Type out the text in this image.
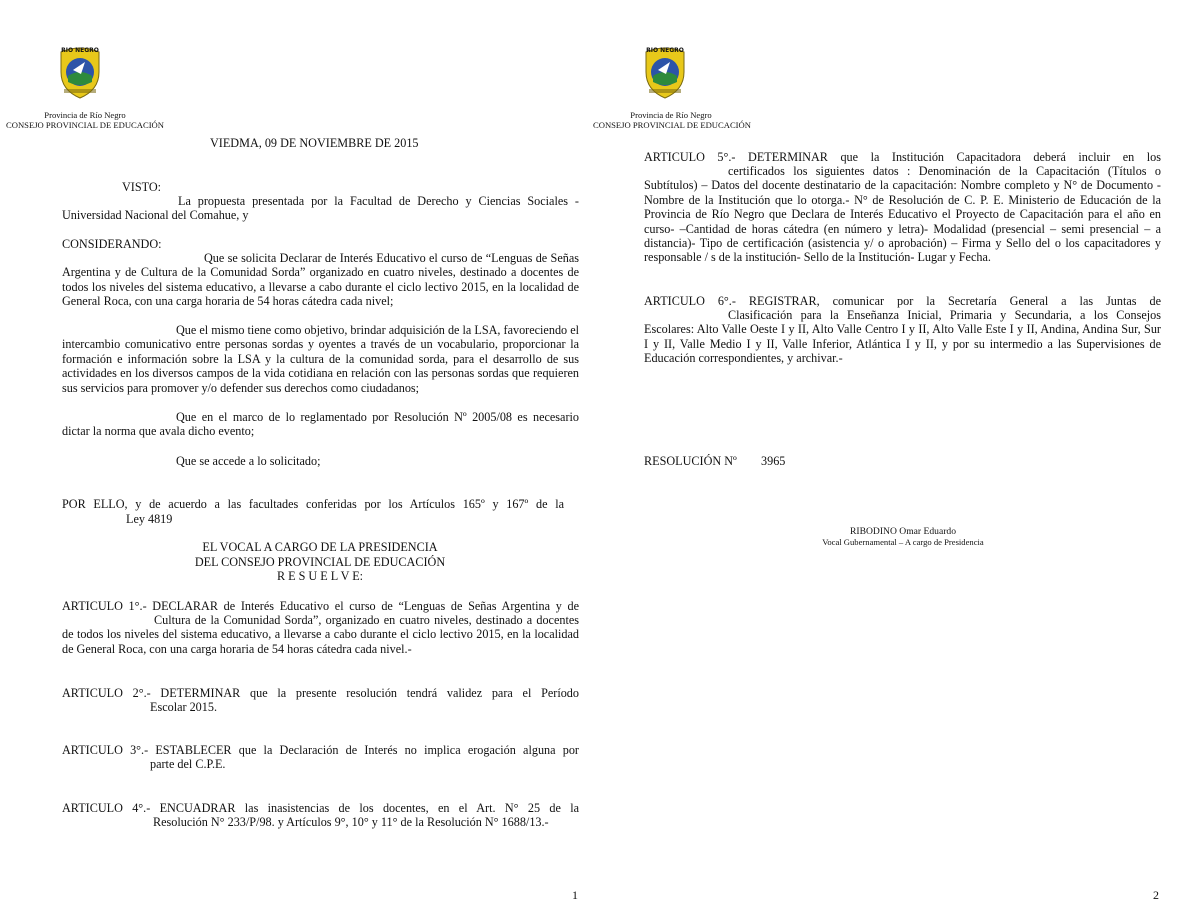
RIO NEGRO
Provincia de Río Negro
CONSEJO PROVINCIAL DE EDUCACIÓN
VIEDMA, 09 DE NOVIEMBRE DE 2015
VISTO:
La propuesta presentada por la Facultad de Derecho y Ciencias Sociales - Universidad Nacional del Comahue, y
CONSIDERANDO:
Que se solicita Declarar de Interés Educativo el curso de “Lenguas de Señas Argentina y de Cultura de la Comunidad Sorda” organizado en cuatro niveles, destinado a docentes de todos los niveles del sistema educativo, a llevarse a cabo durante el ciclo lectivo 2015, en la localidad de General Roca, con una carga horaria de 54 horas cátedra cada nivel;
Que el mismo tiene como objetivo, brindar adquisición de la LSA, favoreciendo el intercambio comunicativo entre personas sordas y oyentes a través de un vocabulario, proporcionar la formación e información sobre la LSA y la cultura de la comunidad sorda, para el desarrollo de sus actividades en los diversos campos de la vida cotidiana en relación con las personas sordas que requieren sus servicios para promover y/o defender sus derechos como ciudadanos;
Que en el marco de lo reglamentado por Resolución Nº 2005/08 es necesario dictar la norma que avala dicho evento;
Que se accede a lo solicitado;
POR ELLO, y de acuerdo a las facultades conferidas por los Artículos 165º y 167º de la
Ley 4819
EL VOCAL A CARGO DE LA PRESIDENCIA
DEL CONSEJO PROVINCIAL DE EDUCACIÓN
R E S U E L V E:
ARTICULO 1°.- DECLARAR de Interés Educativo el curso de “Lenguas de Señas Argentina y de
Cultura de la Comunidad Sorda”, organizado en cuatro niveles, destinado a docentes de todos los niveles del sistema educativo, a llevarse a cabo durante el ciclo lectivo 2015, en la localidad de General Roca, con una carga horaria de 54 horas cátedra cada nivel.-
ARTICULO 2°.- DETERMINAR que la presente resolución tendrá validez para el Período
Escolar 2015.
ARTICULO 3°.- ESTABLECER que la Declaración de Interés no implica erogación alguna por
parte del C.P.E.
ARTICULO 4°.- ENCUADRAR las inasistencias de los docentes, en el Art. N° 25 de la
Resolución N° 233/P/98. y Artículos 9°, 10° y 11° de la Resolución N° 1688/13.-
1
RIO NEGRO
Provincia de Río Negro
CONSEJO PROVINCIAL DE EDUCACIÓN
ARTICULO 5°.- DETERMINAR que la Institución Capacitadora deberá incluir en los
certificados los siguientes datos : Denominación de la Capacitación (Títulos o Subtítulos) – Datos del docente destinatario de la capacitación: Nombre completo y N° de Documento - Nombre de la Institución que lo otorga.- N° de Resolución de C. P. E. Ministerio de Educación de la Provincia de Río Negro que Declara de Interés Educativo el Proyecto de Capacitación para el año en curso- –Cantidad de horas cátedra (en número y letra)- Modalidad (presencial – semi presencial – a distancia)- Tipo de certificación (asistencia y/ o aprobación) – Firma y Sello del o los capacitadores y responsable / s de la institución- Sello de la Institución- Lugar y Fecha.
ARTICULO 6°.- REGISTRAR, comunicar por la Secretaría General a las Juntas de
Clasificación para la Enseñanza Inicial, Primaria y Secundaria, a los Consejos Escolares: Alto Valle Oeste I y II, Alto Valle Centro I y II, Alto Valle Este I y II, Andina, Andina Sur, Sur I y II, Valle Medio I y II, Valle Inferior, Atlántica I y II, y por su intermedio a las Supervisiones de Educación correspondientes, y archivar.-
RESOLUCIÓN Nº 3965
RIBODINO Omar Eduardo
Vocal Gubernamental – A cargo de Presidencia
2
